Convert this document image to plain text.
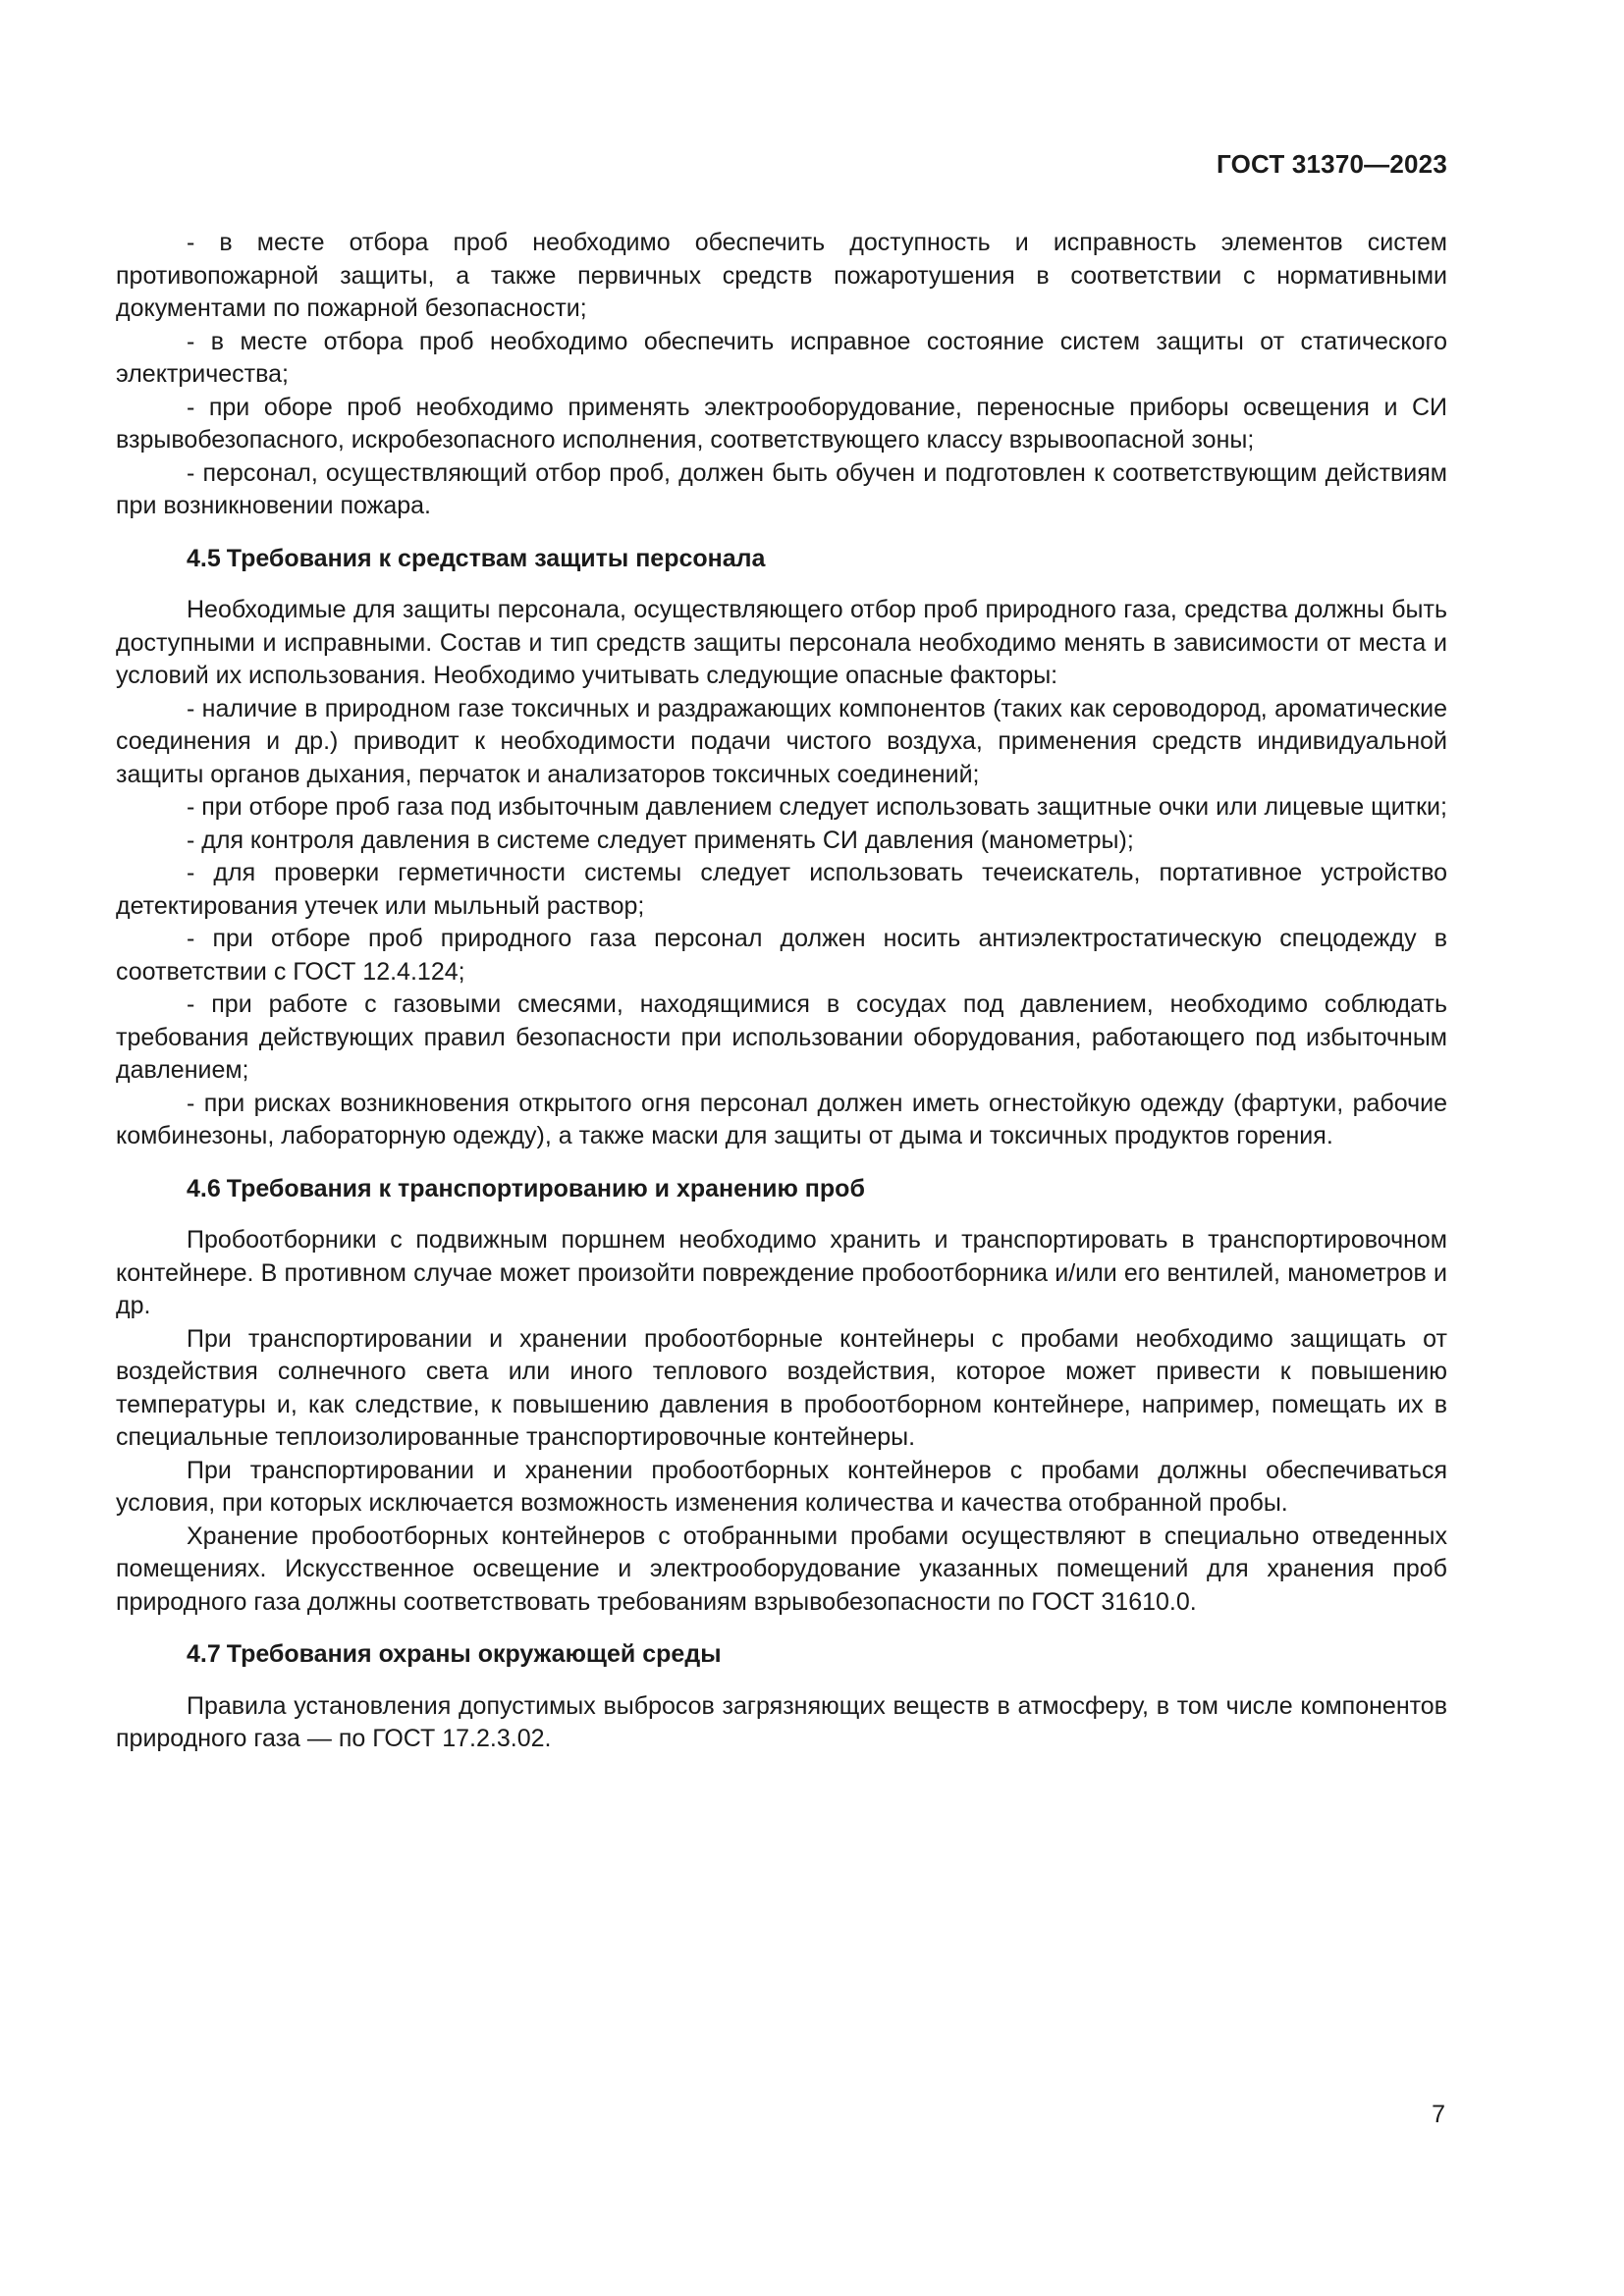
ГОСТ 31370—2023

- в месте отбора проб необходимо обеспечить доступность и исправность элементов систем противопожарной защиты, а также первичных средств пожаротушения в соответствии с нормативными документами по пожарной безопасности;

- в месте отбора проб необходимо обеспечить исправное состояние систем защиты от статического электричества;

- при оборе проб необходимо применять электрооборудование, переносные приборы освещения и СИ взрывобезопасного, искробезопасного исполнения, соответствующего классу взрывоопасной зоны;

- персонал, осуществляющий отбор проб, должен быть обучен и подготовлен к соответствующим действиям при возникновении пожара.

4.5 Требования к средствам защиты персонала

Необходимые для защиты персонала, осуществляющего отбор проб природного газа, средства должны быть доступными и исправными. Состав и тип средств защиты персонала необходимо менять в зависимости от места и условий их использования. Необходимо учитывать следующие опасные факторы:

- наличие в природном газе токсичных и раздражающих компонентов (таких как сероводород, ароматические соединения и др.) приводит к необходимости подачи чистого воздуха, применения средств индивидуальной защиты органов дыхания, перчаток и анализаторов токсичных соединений;

- при отборе проб газа под избыточным давлением следует использовать защитные очки или лицевые щитки;

- для контроля давления в системе следует применять СИ давления (манометры);

- для проверки герметичности системы следует использовать течеискатель, портативное устройство детектирования утечек или мыльный раствор;

- при отборе проб природного газа персонал должен носить антиэлектростатическую спецодежду в соответствии с ГОСТ 12.4.124;

- при работе с газовыми смесями, находящимися в сосудах под давлением, необходимо соблюдать требования действующих правил безопасности при использовании оборудования, работающего под избыточным давлением;

- при рисках возникновения открытого огня персонал должен иметь огнестойкую одежду (фартуки, рабочие комбинезоны, лабораторную одежду), а также маски для защиты от дыма и токсичных продуктов горения.

4.6 Требования к транспортированию и хранению проб

Пробоотборники с подвижным поршнем необходимо хранить и транспортировать в транспортировочном контейнере. В противном случае может произойти повреждение пробоотборника и/или его вентилей, манометров и др.

При транспортировании и хранении пробоотборные контейнеры с пробами необходимо защищать от воздействия солнечного света или иного теплового воздействия, которое может привести к повышению температуры и, как следствие, к повышению давления в пробоотборном контейнере, например, помещать их в специальные теплоизолированные транспортировочные контейнеры.

При транспортировании и хранении пробоотборных контейнеров с пробами должны обеспечиваться условия, при которых исключается возможность изменения количества и качества отобранной пробы.

Хранение пробоотборных контейнеров с отобранными пробами осуществляют в специально отведенных помещениях. Искусственное освещение и электрооборудование указанных помещений для хранения проб природного газа должны соответствовать требованиям взрывобезопасности по ГОСТ 31610.0.

4.7 Требования охраны окружающей среды

Правила установления допустимых выбросов загрязняющих веществ в атмосферу, в том числе компонентов природного газа — по ГОСТ 17.2.3.02.

7
